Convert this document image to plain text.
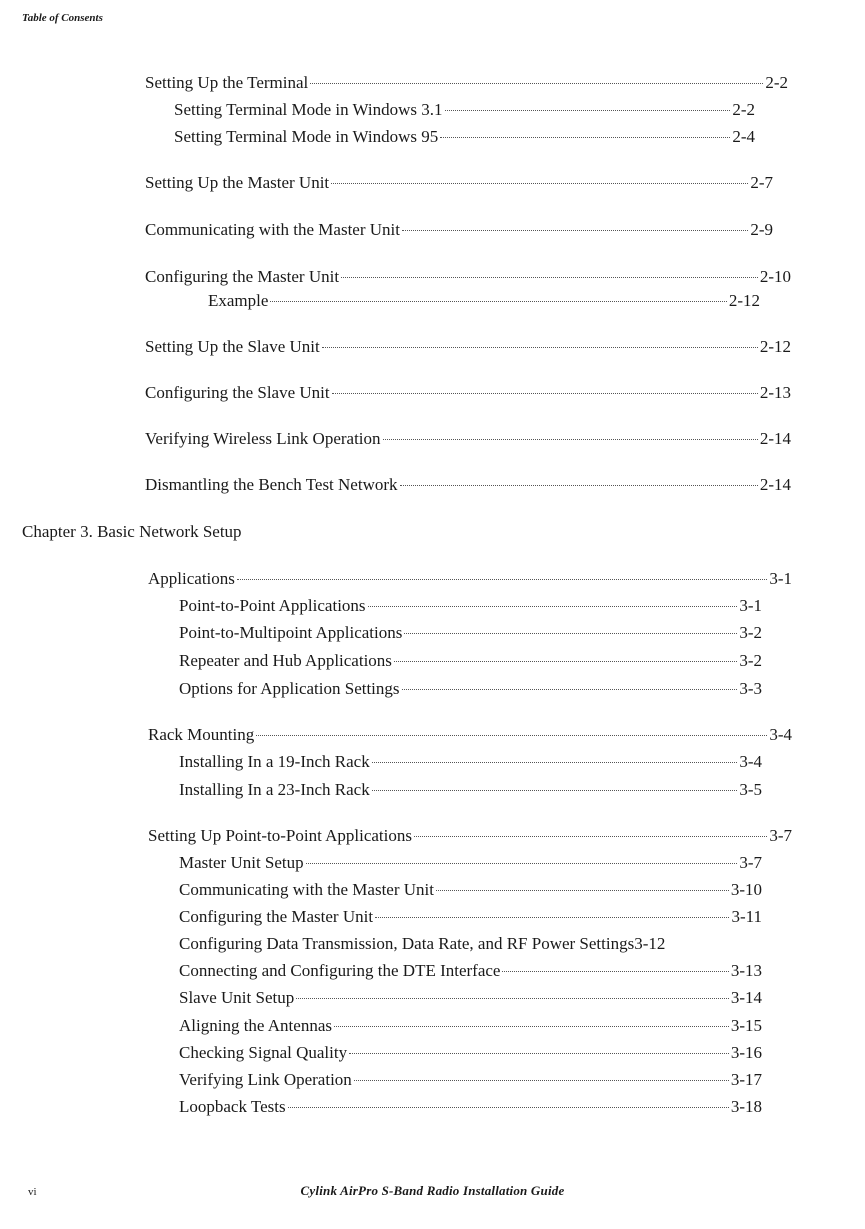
Table of Consents
Setting Up the Terminal	2-2
Setting Terminal Mode in Windows 3.1	2-2
Setting Terminal Mode in Windows 95	2-4
Setting Up the Master Unit	2-7
Communicating with the Master Unit	2-9
Configuring the Master Unit	2-10
Example	2-12
Setting Up the Slave Unit	2-12
Configuring the Slave Unit	2-13
Verifying Wireless Link Operation	2-14
Dismantling the Bench Test Network	2-14
Chapter 3. Basic Network Setup
Applications	3-1
Point-to-Point Applications	3-1
Point-to-Multipoint Applications	3-2
Repeater and Hub Applications	3-2
Options for Application Settings	3-3
Rack Mounting	3-4
Installing In a 19-Inch Rack	3-4
Installing In a 23-Inch Rack	3-5
Setting Up Point-to-Point Applications	3-7
Master Unit Setup	3-7
Communicating with the Master Unit	3-10
Configuring the Master Unit	3-11
Configuring Data Transmission, Data Rate, and RF Power Settings 3-12
Connecting and Configuring the DTE Interface	3-13
Slave Unit Setup	3-14
Aligning the Antennas	3-15
Checking Signal Quality	3-16
Verifying Link Operation	3-17
Loopback Tests	3-18
vi	Cylink AirPro S-Band Radio Installation Guide
